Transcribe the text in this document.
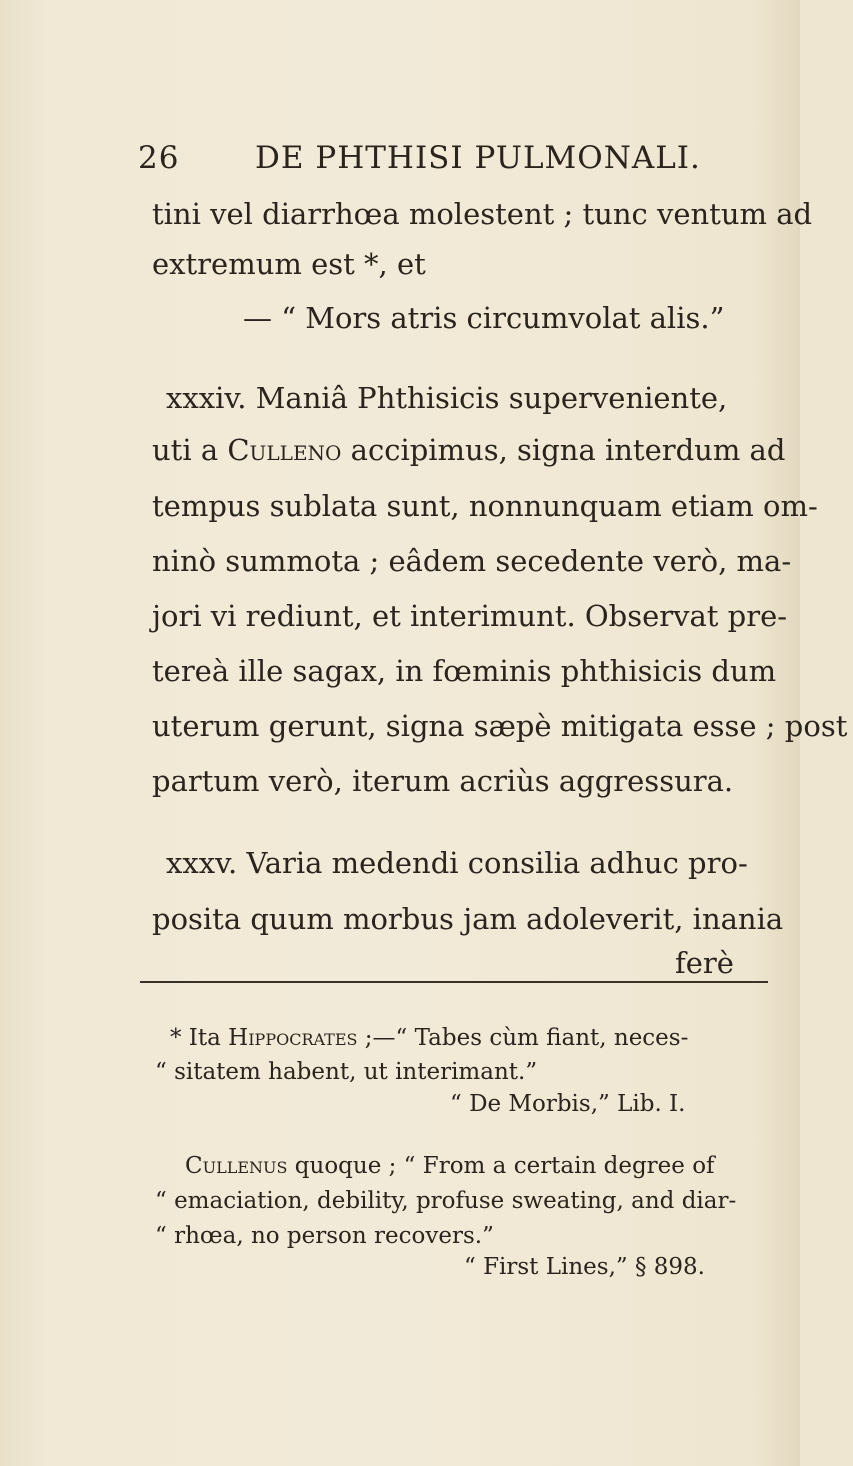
26 DE PHTHISI PULMONALI.
tini vel diarrhœa molestent ; tunc ventum ad
extremum est *, et
— “ Mors atris circumvolat alis.”
xxxiv. Maniâ Phthisicis superveniente,
uti a Culleno accipimus, signa interdum ad
tempus sublata sunt, nonnunquam etiam om-
ninò summota ; eâdem secedente verò, ma-
jori vi rediunt, et interimunt. Observat pre-
tereà ille sagax, in fœminis phthisicis dum
uterum gerunt, signa sæpè mitigata esse ; post
partum verò, iterum acriùs aggressura.
xxxv. Varia medendi consilia adhuc pro-
posita quum morbus jam adoleverit, inania
ferè
* Ita Hippocrates ;—“ Tabes cùm fiant, neces-
“ sitatem habent, ut interimant.”
“ De Morbis,” Lib. I.
Cullenus quoque ; “ From a certain degree of
“ emaciation, debility, profuse sweating, and diar-
“ rhœa, no person recovers.”
“ First Lines,” § 898.
